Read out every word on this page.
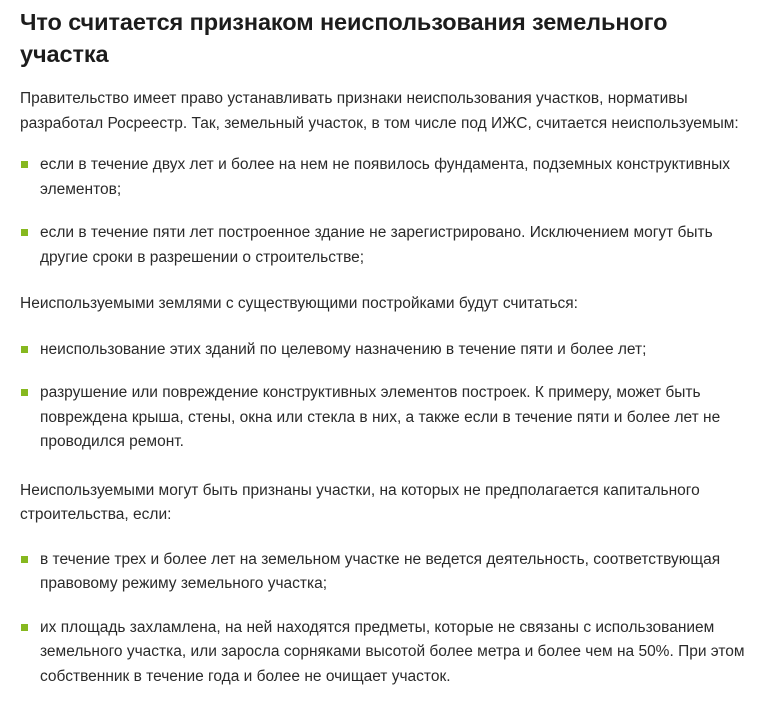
Что считается признаком неиспользования земельного участка

Правительство имеет право устанавливать признаки неиспользования участков, нормативы разработал Росреестр. Так, земельный участок, в том числе под ИЖС, считается неиспользуемым:

если в течение двух лет и более на нем не появилось фундамента, подземных конструктивных элементов;
если в течение пяти лет построенное здание не зарегистрировано. Исключением могут быть другие сроки в разрешении о строительстве;

Неиспользуемыми землями с существующими постройками будут считаться:

неиспользование этих зданий по целевому назначению в течение пяти и более лет;
разрушение или повреждение конструктивных элементов построек. К примеру, может быть повреждена крыша, стены, окна или стекла в них, а также если в течение пяти и более лет не проводился ремонт.

Неиспользуемыми могут быть признаны участки, на которых не предполагается капитального строительства, если:

в течение трех и более лет на земельном участке не ведется деятельность, соответствующая правовому режиму земельного участка;
их площадь захламлена, на ней находятся предметы, которые не связаны с использованием земельного участка, или заросла сорняками высотой более метра и более чем на 50%. При этом собственник в течение года и более не очищает участок.
